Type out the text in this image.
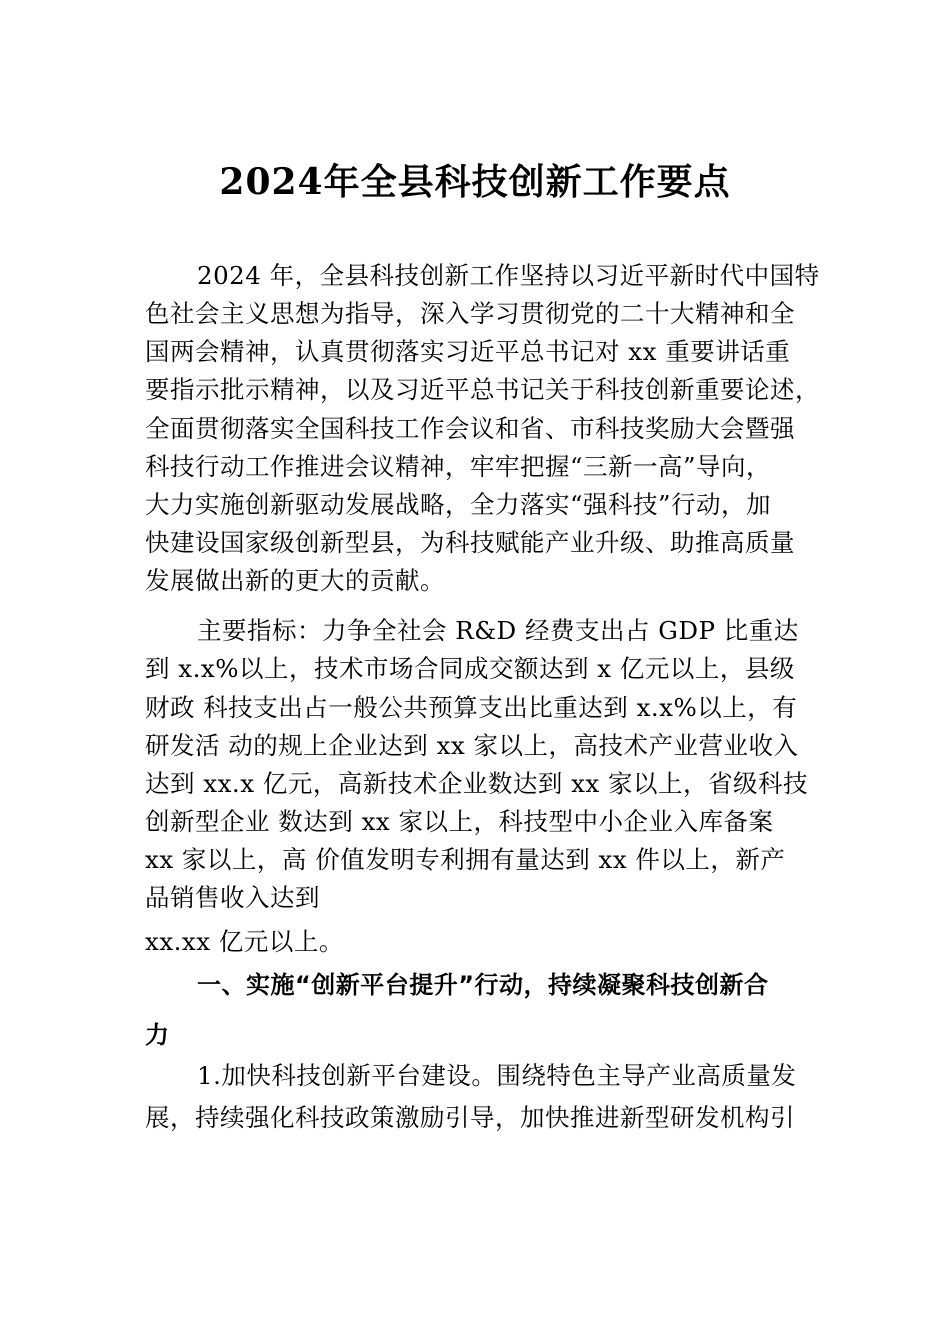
2024年全县科技创新工作要点

2024 年，全县科技创新工作坚持以习近平新时代中国特

色社会主义思想为指导，深入学习贯彻党的二十大精神和全

国两会精神，认真贯彻落实习近平总书记对 xx 重要讲话重

要指示批示精神，以及习近平总书记关于科技创新重要论述，

全面贯彻落实全国科技工作会议和省、市科技奖励大会暨强

科技行动工作推进会议精神，牢牢把握“三新一高”导向，

大力实施创新驱动发展战略，全力落实“强科技”行动，加

快建设国家级创新型县，为科技赋能产业升级、助推高质量

发展做出新的更大的贡献。

主要指标：力争全社会 R&D 经费支出占 GDP 比重达

到 x.x%以上，技术市场合同成交额达到 x 亿元以上，县级

财政 科技支出占一般公共预算支出比重达到 x.x%以上，有

研发活 动的规上企业达到 xx 家以上，高技术产业营业收入

达到 xx.x 亿元，高新技术企业数达到 xx 家以上，省级科技

创新型企业 数达到 xx 家以上，科技型中小企业入库备案

xx 家以上，高 价值发明专利拥有量达到 xx 件以上，新产

品销售收入达到

xx.xx 亿元以上。

一、实施“创新平台提升”行动，持续凝聚科技创新合

力

1.加快科技创新平台建设。围绕特色主导产业高质量发

展，持续强化科技政策激励引导，加快推进新型研发机构引
